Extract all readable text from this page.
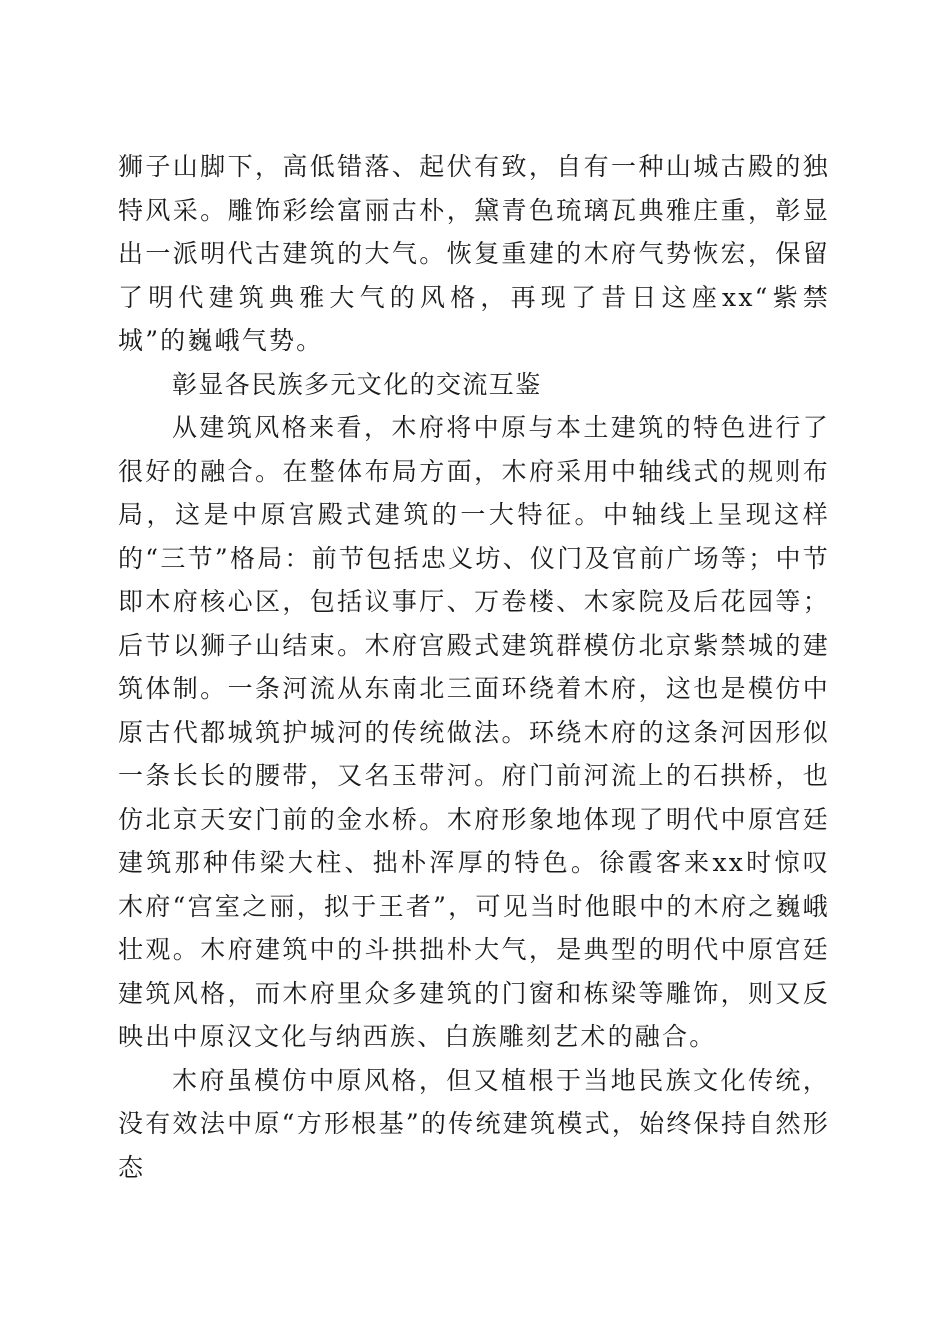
狮子山脚下，高低错落、起伏有致，自有一种山城古殿的独特风采。雕饰彩绘富丽古朴，黛青色琉璃瓦典雅庄重，彰显出一派明代古建筑的大气。恢复重建的木府气势恢宏，保留了明代建筑典雅大气的风格，再现了昔日这座xx“紫禁城”的巍峨气势。

彰显各民族多元文化的交流互鉴

从建筑风格来看，木府将中原与本土建筑的特色进行了很好的融合。在整体布局方面，木府采用中轴线式的规则布局，这是中原宫殿式建筑的一大特征。中轴线上呈现这样的“三节”格局：前节包括忠义坊、仪门及官前广场等；中节即木府核心区，包括议事厅、万卷楼、木家院及后花园等；后节以狮子山结束。木府宫殿式建筑群模仿北京紫禁城的建筑体制。一条河流从东南北三面环绕着木府，这也是模仿中原古代都城筑护城河的传统做法。环绕木府的这条河因形似一条长长的腰带，又名玉带河。府门前河流上的石拱桥，也仿北京天安门前的金水桥。木府形象地体现了明代中原宫廷建筑那种伟梁大柱、拙朴浑厚的特色。徐霞客来xx时惊叹木府“宫室之丽，拟于王者”，可见当时他眼中的木府之巍峨壮观。木府建筑中的斗拱拙朴大气，是典型的明代中原宫廷建筑风格，而木府里众多建筑的门窗和栋梁等雕饰，则又反映出中原汉文化与纳西族、白族雕刻艺术的融合。

木府虽模仿中原风格，但又植根于当地民族文化传统，没有效法中原“方形根基”的传统建筑模式，始终保持自然形态
